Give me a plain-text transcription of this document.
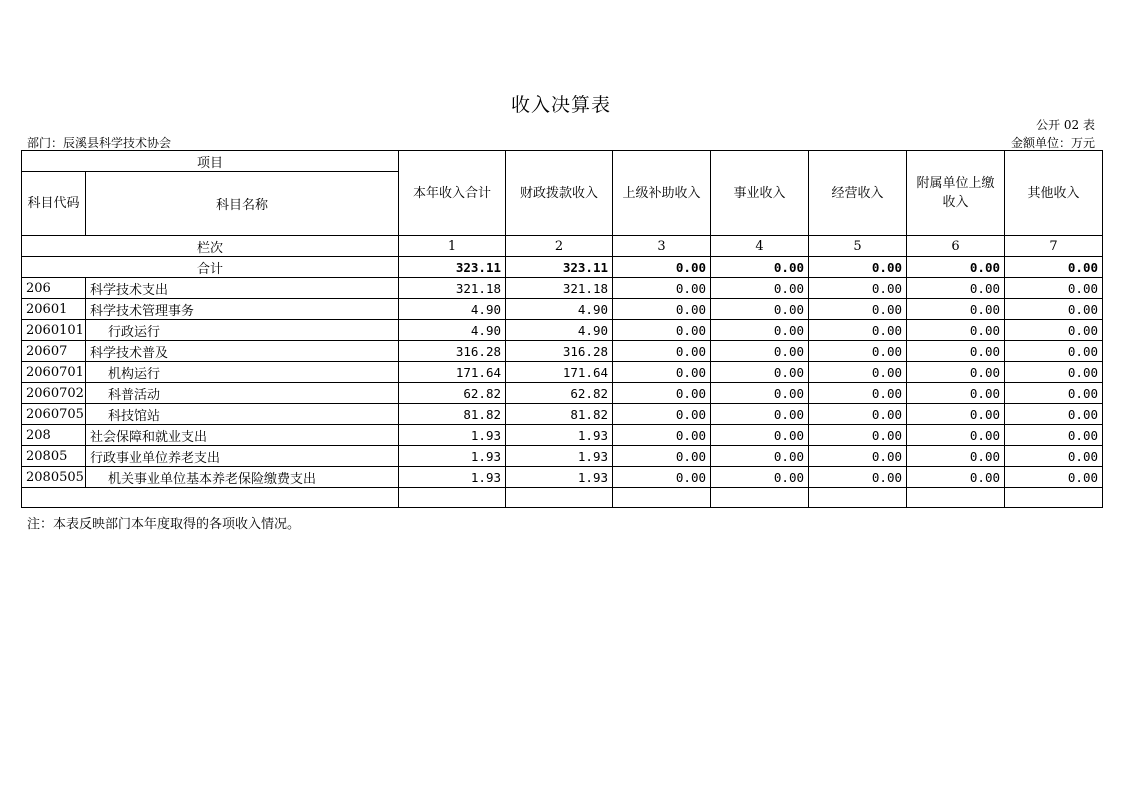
收入决算表
公开 02 表
部门：辰溪县科学技术协会	金额单位：万元
项目		本年收入合计	财政拨款收入	上级补助收入	事业收入	经营收入	附属单位上缴收入	其他收入
科目代码	科目名称							
栏次		1	2	3	4	5	6	7
合计		323.11	323.11	0.00	0.00	0.00	0.00	0.00
206	科学技术支出	321.18	321.18	0.00	0.00	0.00	0.00	0.00
20601	科学技术管理事务	4.90	4.90	0.00	0.00	0.00	0.00	0.00
2060101	行政运行	4.90	4.90	0.00	0.00	0.00	0.00	0.00
20607	科学技术普及	316.28	316.28	0.00	0.00	0.00	0.00	0.00
2060701	机构运行	171.64	171.64	0.00	0.00	0.00	0.00	0.00
2060702	科普活动	62.82	62.82	0.00	0.00	0.00	0.00	0.00
2060705	科技馆站	81.82	81.82	0.00	0.00	0.00	0.00	0.00
208	社会保障和就业支出	1.93	1.93	0.00	0.00	0.00	0.00	0.00
20805	行政事业单位养老支出	1.93	1.93	0.00	0.00	0.00	0.00	0.00
2080505	机关事业单位基本养老保险缴费支出	1.93	1.93	0.00	0.00	0.00	0.00	0.00

注：本表反映部门本年度取得的各项收入情况。
